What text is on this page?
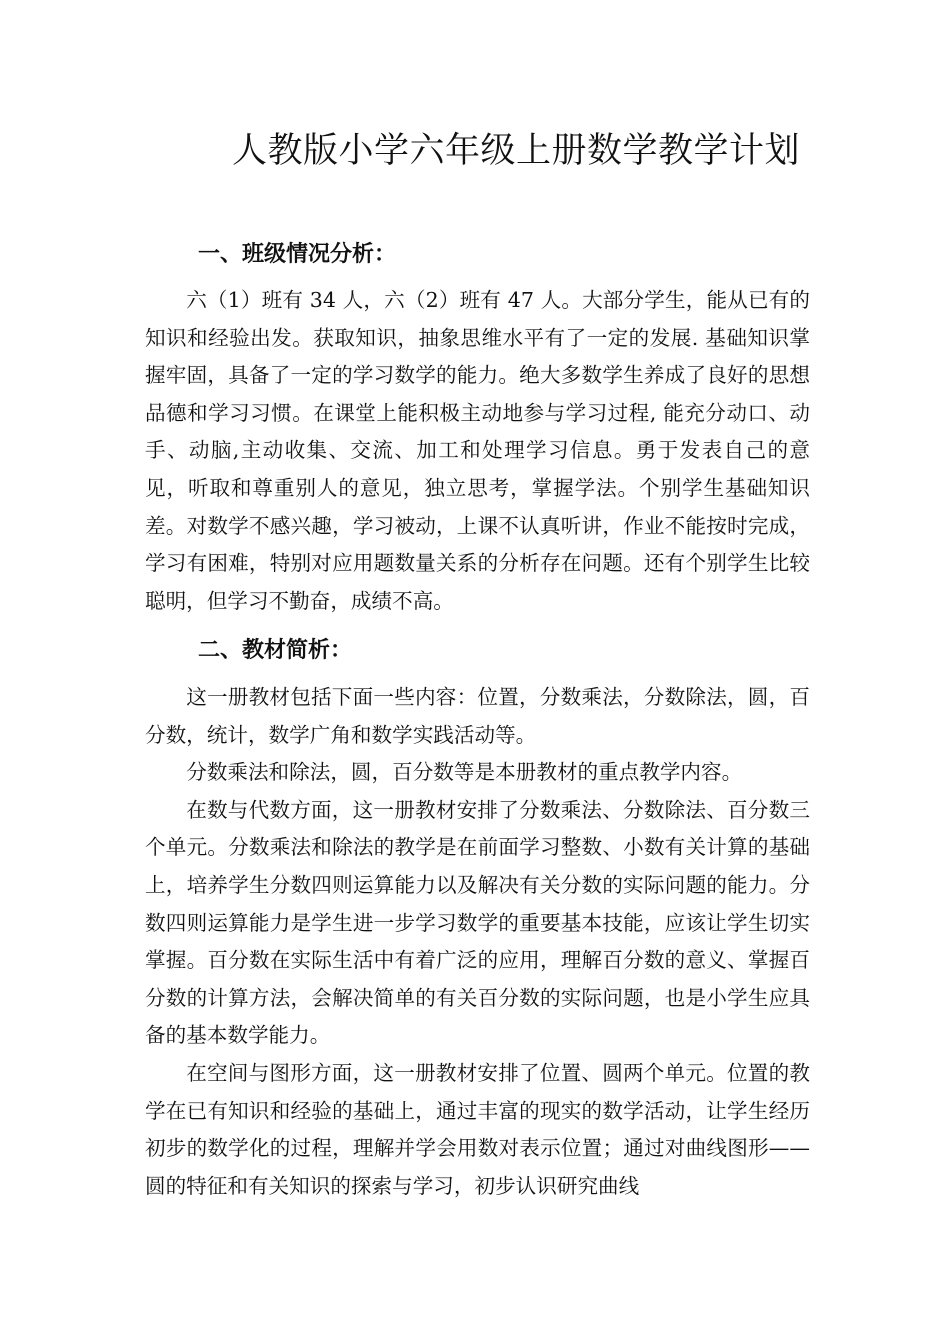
人教版小学六年级上册数学教学计划
一、班级情况分析：

六（1）班有 34 人，六（2）班有 47 人。大部分学生，能从已有的知识和经验出发。获取知识，抽象思维水平有了一定的发展. 基础知识掌握牢固，具备了一定的学习数学的能力。绝大多数学生养成了良好的思想品德和学习习惯。在课堂上能积极主动地参与学习过程, 能充分动口、动手、动脑,主动收集、交流、加工和处理学习信息。勇于发表自己的意见，听取和尊重别人的意见，独立思考，掌握学法。个别学生基础知识差。对数学不感兴趣，学习被动，上课不认真听讲，作业不能按时完成，学习有困难，特别对应用题数量关系的分析存在问题。还有个别学生比较聪明，但学习不勤奋，成绩不高。

二、教材简析：

这一册教材包括下面一些内容：位置，分数乘法，分数除法，圆，百分数，统计，数学广角和数学实践活动等。

分数乘法和除法，圆，百分数等是本册教材的重点教学内容。

在数与代数方面，这一册教材安排了分数乘法、分数除法、百分数三个单元。分数乘法和除法的教学是在前面学习整数、小数有关计算的基础上，培养学生分数四则运算能力以及解决有关分数的实际问题的能力。分数四则运算能力是学生进一步学习数学的重要基本技能，应该让学生切实掌握。百分数在实际生活中有着广泛的应用，理解百分数的意义、掌握百分数的计算方法，会解决简单的有关百分数的实际问题，也是小学生应具备的基本数学能力。

在空间与图形方面，这一册教材安排了位置、圆两个单元。位置的教学在已有知识和经验的基础上，通过丰富的现实的数学活动，让学生经历初步的数学化的过程，理解并学会用数对表示位置；通过对曲线图形——圆的特征和有关知识的探索与学习，初步认识研究曲线
